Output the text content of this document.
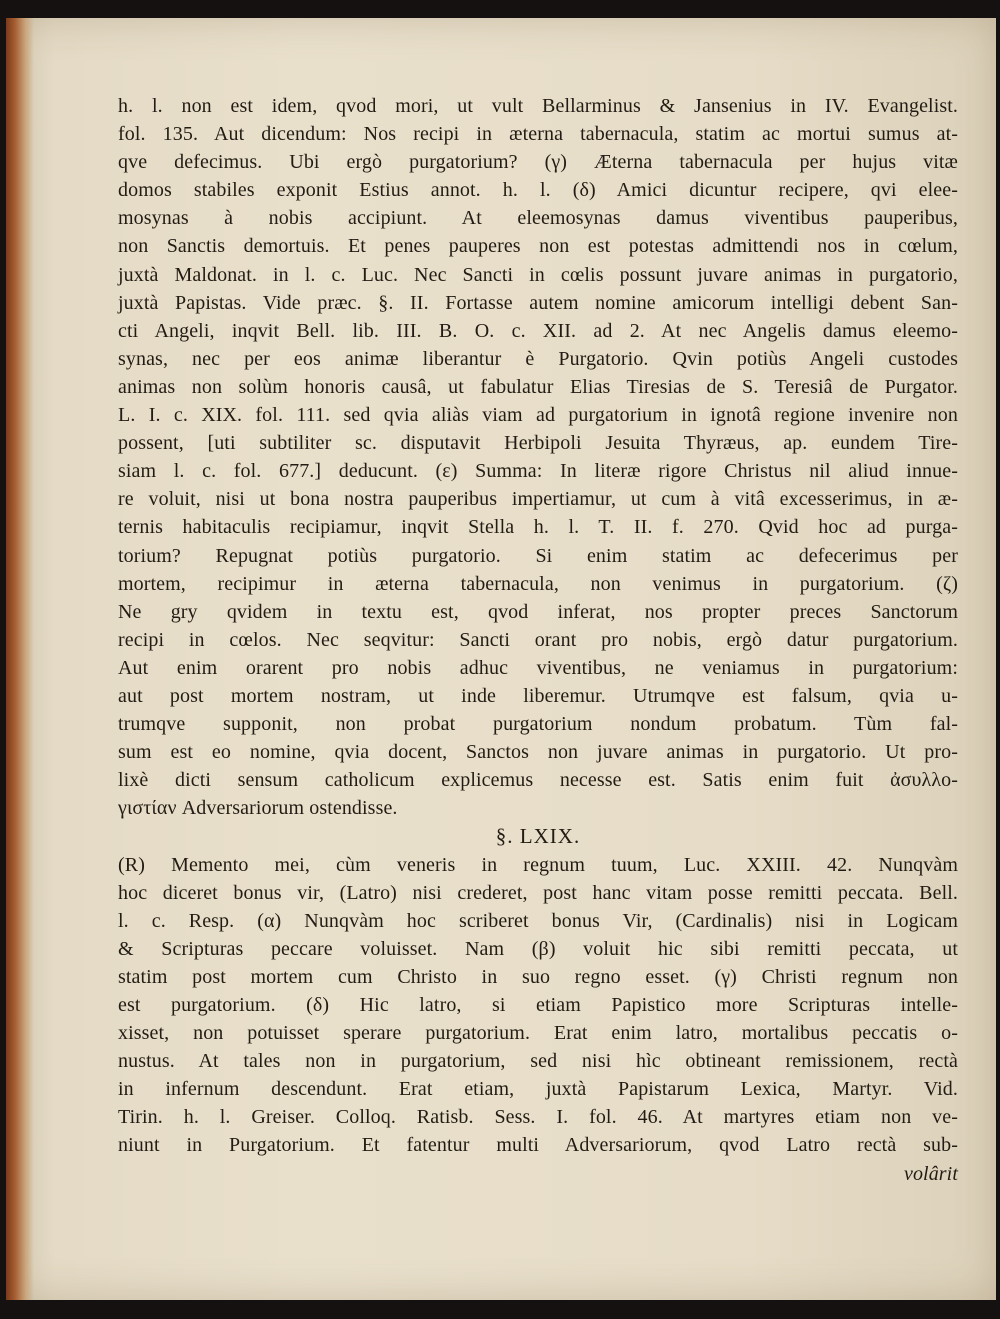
h. l. non est idem, qvod mori, ut vult Bellarminus & Jansenius in IV. Evangelist.
fol. 135. Aut dicendum: Nos recipi in æterna tabernacula, statim ac mortui sumus at-
qve defecimus. Ubi ergò purgatorium? (γ) Æterna tabernacula per hujus vitæ
domos stabiles exponit Estius annot. h. l. (δ) Amici dicuntur recipere, qvi elee-
mosynas à nobis accipiunt. At eleemosynas damus viventibus pauperibus,
non Sanctis demortuis. Et penes pauperes non est potestas admittendi nos in cœlum,
juxtà Maldonat. in l. c. Luc. Nec Sancti in cœlis possunt juvare animas in purgatorio,
juxtà Papistas. Vide præc. §. II. Fortasse autem nomine amicorum intelligi debent San-
cti Angeli, inqvit Bell. lib. III. B. O. c. XII. ad 2. At nec Angelis damus eleemo-
synas, nec per eos animæ liberantur è Purgatorio. Qvin potiùs Angeli custodes
animas non solùm honoris causâ, ut fabulatur Elias Tiresias de S. Teresiâ de Purgator.
L. I. c. XIX. fol. 111. sed qvia aliàs viam ad purgatorium in ignotâ regione invenire non
possent, [uti subtiliter sc. disputavit Herbipoli Jesuita Thyræus, ap. eundem Tire-
siam l. c. fol. 677.] deducunt. (ε) Summa: In literæ rigore Christus nil aliud innue-
re voluit, nisi ut bona nostra pauperibus impertiamur, ut cum à vitâ excesserimus, in æ-
ternis habitaculis recipiamur, inqvit Stella h. l. T. II. f. 270. Qvid hoc ad purga-
torium? Repugnat potiùs purgatorio. Si enim statim ac defecerimus per
mortem, recipimur in æterna tabernacula, non venimus in purgatorium. (ζ)
Ne gry qvidem in textu est, qvod inferat, nos propter preces Sanctorum
recipi in cœlos. Nec seqvitur: Sancti orant pro nobis, ergò datur purgatorium.
Aut enim orarent pro nobis adhuc viventibus, ne veniamus in purgatorium:
aut post mortem nostram, ut inde liberemur. Utrumqve est falsum, qvia u-
trumqve supponit, non probat purgatorium nondum probatum. Tùm fal-
sum est eo nomine, qvia docent, Sanctos non juvare animas in purgatorio. Ut pro-
lixè dicti sensum catholicum explicemus necesse est. Satis enim fuit ἀσυλλο-
γιστίαν Adversariorum ostendisse.
§. LXIX.
(R) Memento mei, cùm veneris in regnum tuum, Luc. XXIII. 42. Nunqvàm
hoc diceret bonus vir, (Latro) nisi crederet, post hanc vitam posse remitti peccata. Bell.
l. c. Resp. (α) Nunqvàm hoc scriberet bonus Vir, (Cardinalis) nisi in Logicam
& Scripturas peccare voluisset. Nam (β) voluit hic sibi remitti peccata, ut
statim post mortem cum Christo in suo regno esset. (γ) Christi regnum non
est purgatorium. (δ) Hic latro, si etiam Papistico more Scripturas intelle-
xisset, non potuisset sperare purgatorium. Erat enim latro, mortalibus peccatis o-
nustus. At tales non in purgatorium, sed nisi hìc obtineant remissionem, rectà
in infernum descendunt. Erat etiam, juxtà Papistarum Lexica, Martyr. Vid.
Tirin. h. l. Greiser. Colloq. Ratisb. Sess. I. fol. 46. At martyres etiam non ve-
niunt in Purgatorium. Et fatentur multi Adversariorum, qvod Latro rectà sub-
volârit
